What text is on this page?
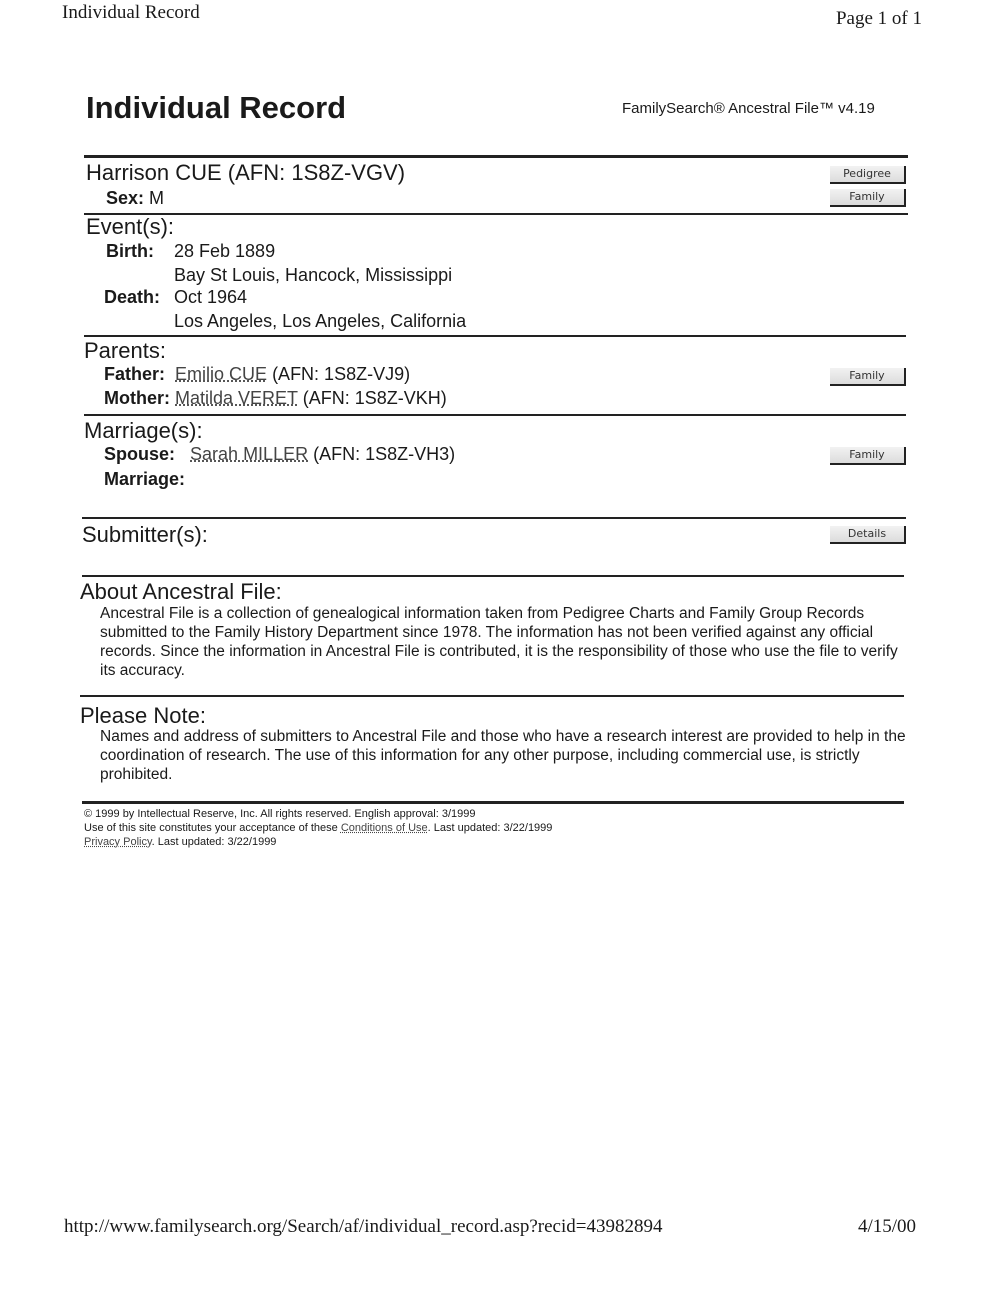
Individual Record	Page 1 of 1
Individual Record	FamilySearch® Ancestral File™ v4.19
Harrison CUE (AFN: 1S8Z-VGV)
Sex: M
Pedigree
Family
Event(s):
Birth: 28 Feb 1889
Bay St Louis, Hancock, Mississippi
Death: Oct 1964
Los Angeles, Los Angeles, California
Parents:
Father: Emilio CUE (AFN: 1S8Z-VJ9)
Mother: Matilda VERET (AFN: 1S8Z-VKH)
Family
Marriage(s):
Spouse: Sarah MILLER (AFN: 1S8Z-VH3)
Marriage:
Family
Submitter(s):	Details
About Ancestral File:
Ancestral File is a collection of genealogical information taken from Pedigree Charts and Family Group Records submitted to the Family History Department since 1978. The information has not been verified against any official records. Since the information in Ancestral File is contributed, it is the responsibility of those who use the file to verify its accuracy.
Please Note:
Names and address of submitters to Ancestral File and those who have a research interest are provided to help in the coordination of research. The use of this information for any other purpose, including commercial use, is strictly prohibited.
© 1999 by Intellectual Reserve, Inc. All rights reserved. English approval: 3/1999
Use of this site constitutes your acceptance of these Conditions of Use. Last updated: 3/22/1999
Privacy Policy. Last updated: 3/22/1999
http://www.familysearch.org/Search/af/individual_record.asp?recid=43982894	4/15/00
